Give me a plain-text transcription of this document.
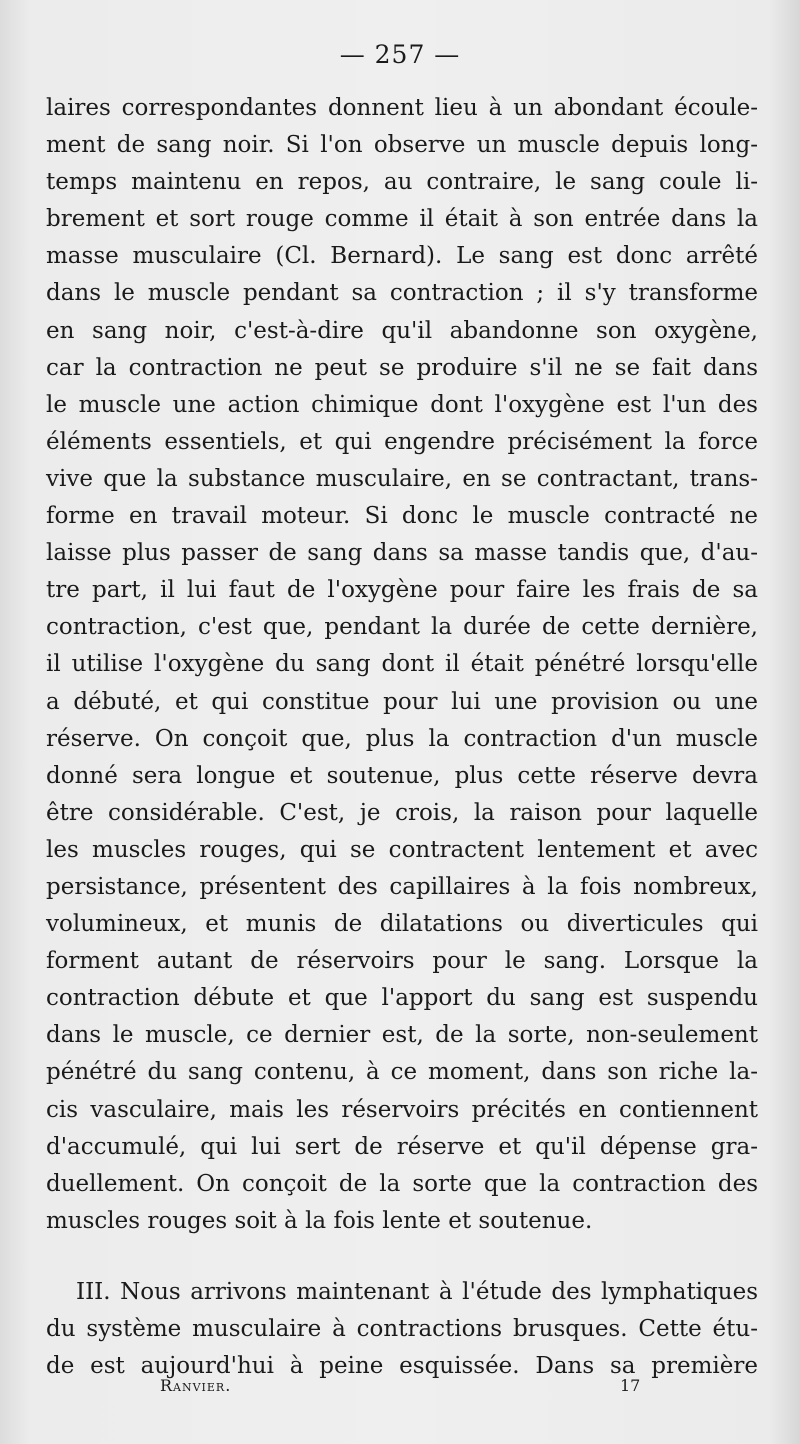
— 257 —
laires correspondantes donnent lieu à un abondant écoule-
ment de sang noir. Si l'on observe un muscle depuis long-
temps maintenu en repos, au contraire, le sang coule li-
brement et sort rouge comme il était à son entrée dans la
masse musculaire (Cl. Bernard). Le sang est donc arrêté
dans le muscle pendant sa contraction ; il s'y transforme
en sang noir, c'est-à-dire qu'il abandonne son oxygène,
car la contraction ne peut se produire s'il ne se fait dans
le muscle une action chimique dont l'oxygène est l'un des
éléments essentiels, et qui engendre précisément la force
vive que la substance musculaire, en se contractant, trans-
forme en travail moteur. Si donc le muscle contracté ne
laisse plus passer de sang dans sa masse tandis que, d'au-
tre part, il lui faut de l'oxygène pour faire les frais de sa
contraction, c'est que, pendant la durée de cette dernière,
il utilise l'oxygène du sang dont il était pénétré lorsqu'elle
a débuté, et qui constitue pour lui une provision ou une
réserve. On conçoit que, plus la contraction d'un muscle
donné sera longue et soutenue, plus cette réserve devra
être considérable. C'est, je crois, la raison pour laquelle
les muscles rouges, qui se contractent lentement et avec
persistance, présentent des capillaires à la fois nombreux,
volumineux, et munis de dilatations ou diverticules qui
forment autant de réservoirs pour le sang. Lorsque la
contraction débute et que l'apport du sang est suspendu
dans le muscle, ce dernier est, de la sorte, non-seulement
pénétré du sang contenu, à ce moment, dans son riche la-
cis vasculaire, mais les réservoirs précités en contiennent
d'accumulé, qui lui sert de réserve et qu'il dépense gra-
duellement. On conçoit de la sorte que la contraction des
muscles rouges soit à la fois lente et soutenue.
III. Nous arrivons maintenant à l'étude des lymphatiques
du système musculaire à contractions brusques. Cette étu-
de est aujourd'hui à peine esquissée. Dans sa première
Ranvier.	17
